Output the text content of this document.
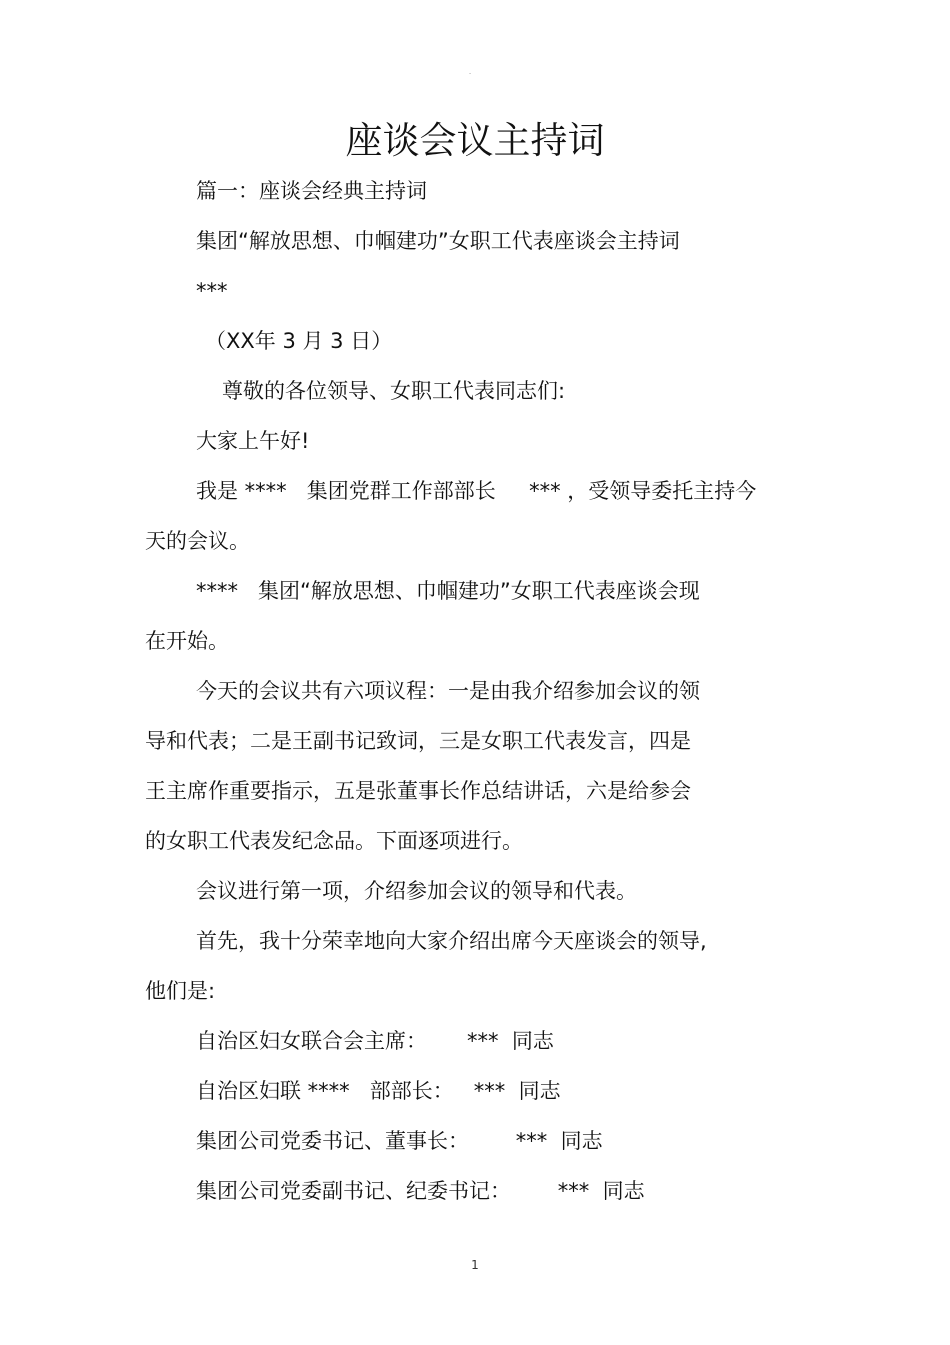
-
座谈会议主持词
篇一：座谈会经典主持词
集团“解放思想、巾帼建功”女职工代表座谈会主持词
***
（XX年 3 月 3 日）
尊敬的各位领导、女职工代表同志们:
大家上午好!
我是 ****   集团党群工作部部长     *** ，受领导委托主持今
天的会议。
****   集团“解放思想、巾帼建功”女职工代表座谈会现
在开始。
今天的会议共有六项议程：一是由我介绍参加会议的领
导和代表；二是王副书记致词，三是女职工代表发言，四是
王主席作重要指示，五是张董事长作总结讲话，六是给参会
的女职工代表发纪念品。下面逐项进行。
会议进行第一项，介绍参加会议的领导和代表。
首先，我十分荣幸地向大家介绍出席今天座谈会的领导,
他们是:
自治区妇女联合会主席：      ***  同志
自治区妇联 ****   部部长：   ***  同志
集团公司党委书记、董事长：       ***  同志
集团公司党委副书记、纪委书记：       ***  同志
1
